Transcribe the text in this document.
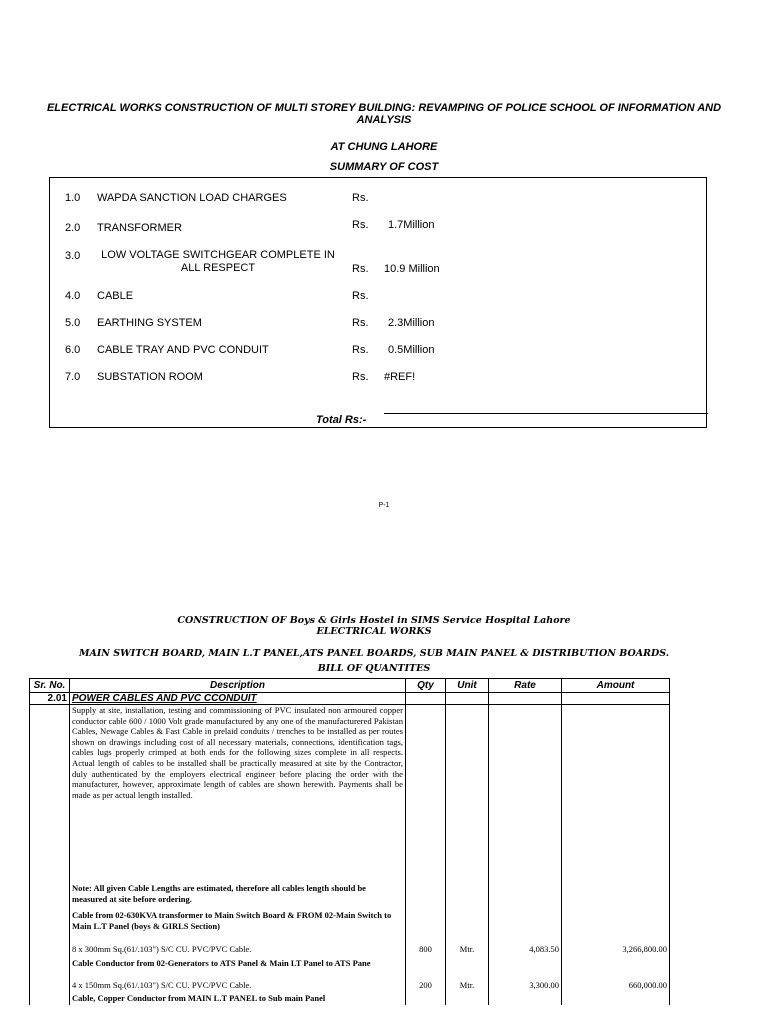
ELECTRICAL WORKS CONSTRUCTION OF MULTI STOREY BUILDING: REVAMPING OF POLICE SCHOOL OF INFORMATION AND ANALYSIS
AT CHUNG LAHORE
SUMMARY OF COST
1.0 WAPDA SANCTION LOAD CHARGES	Rs.
2.0 TRANSFORMER	Rs. 1.7Million
3.0 LOW VOLTAGE SWITCHGEAR COMPLETE IN
ALL RESPECT	Rs. 10.9 Million
4.0 CABLE	Rs.
5.0 EARTHING SYSTEM	Rs. 2.3Million
6.0 CABLE TRAY AND PVC CONDUIT	Rs. 0.5Million
7.0 SUBSTATION ROOM	Rs. #REF!
Total Rs:-
P-1
CONSTRUCTION OF Boys & Girls Hostel in SIMS Service Hospital Lahore
ELECTRICAL WORKS
MAIN SWITCH BOARD, MAIN L.T PANEL,ATS PANEL BOARDS, SUB MAIN PANEL & DISTRIBUTION BOARDS.
BILL OF QUANTITES
Sr. No.	Description	Qty	Unit	Rate	Amount
2.01	POWER CABLES AND PVC CCONDUIT				

	Supply at site, installation, testing and commissioning of PVC insulated non armoured copper conductor cable 600 / 1000 Volt grade manufactured by any one of the manufacturered Pakistan Cables, Newage Cables & Fast Cable in prelaid conduits / trenches to be installed as per routes shown on drawings including cost of all necessary materials, connections, identification tags, cables lugs properly crimped at both ends for the following sizes complete in all respects. Actual length of cables to be installed shall be practically measured at site by the Contractor, duly authenticated by the employers electrical engineer before placing the order with the manufacturer, however, approximate length of cables are shown herewith. Payments shall be made as per actual length installed.				

	Note: All given Cable Lengths are estimated, therefore all cables length should be measured at site before ordering.				

	Cable from 02-630KVA transformer to Main Switch Board & FROM 02-Main Switch to Main L.T Panel (boys & GIRLS Section)				

	8 x 300mm Sq.(61/.103") S/C CU. PVC/PVC Cable.	800	Mtr.	4,083.50	3,266,800.00

	Cable Conductor from 02-Generators to ATS Panel & Main LT Panel to ATS Pane				

	4 x 150mm Sq.(61/.103") S/C CU. PVC/PVC Cable.	200	Mtr.	3,300.00	660,000.00

	Cable, Copper Conductor from MAIN L.T PANEL to Sub main Panel				
